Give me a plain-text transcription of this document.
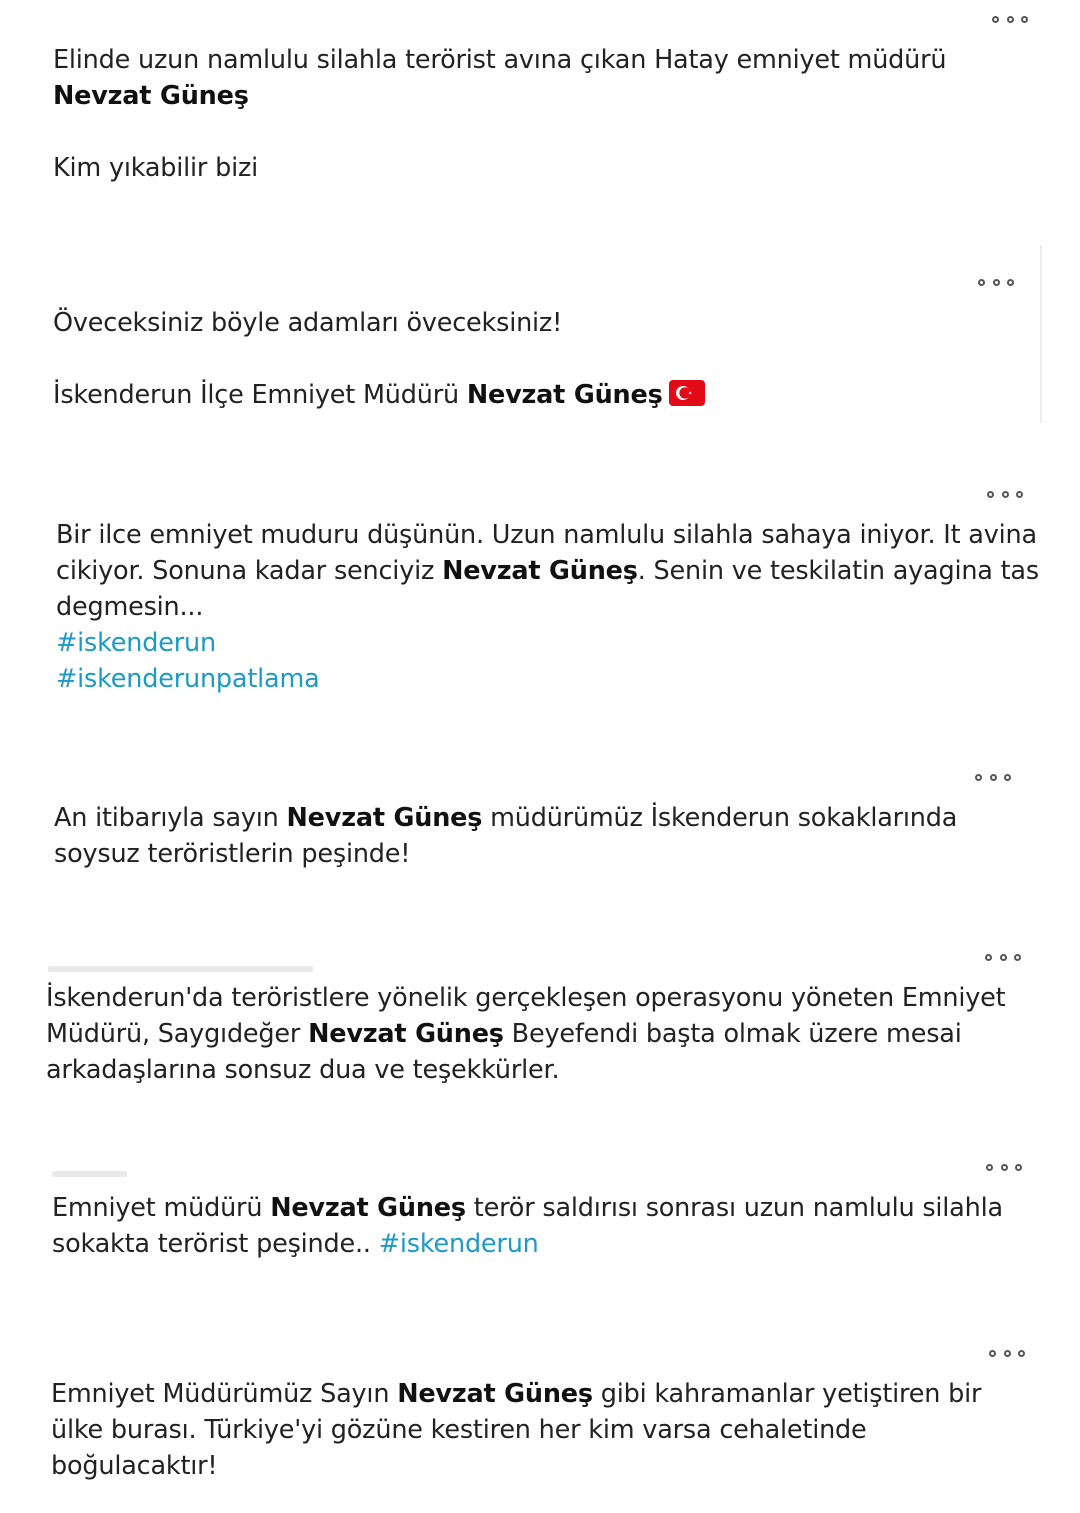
Elinde uzun namlulu silahla terörist avına çıkan Hatay emniyet müdürü
Nevzat Güneş
Kim yıkabilir bizi
Öveceksiniz böyle adamları öveceksiniz!
İskenderun İlçe Emniyet Müdürü Nevzat Güneş
Bir ilce emniyet muduru düşünün. Uzun namlulu silahla sahaya iniyor. It avina
cikiyor. Sonuna kadar senciyiz Nevzat Güneş. Senin ve teskilatin ayagina tas
degmesin...
#iskenderun
#iskenderunpatlama
An itibarıyla sayın Nevzat Güneş müdürümüz İskenderun sokaklarında
soysuz teröristlerin peşinde!
İskenderun'da teröristlere yönelik gerçekleşen operasyonu yöneten Emniyet
Müdürü, Saygıdeğer Nevzat Güneş Beyefendi başta olmak üzere mesai
arkadaşlarına sonsuz dua ve teşekkürler.
Emniyet müdürü Nevzat Güneş terör saldırısı sonrası uzun namlulu silahla
sokakta terörist peşinde.. #iskenderun
Emniyet Müdürümüz Sayın Nevzat Güneş gibi kahramanlar yetiştiren bir
ülke burası. Türkiye'yi gözüne kestiren her kim varsa cehaletinde
boğulacaktır!
